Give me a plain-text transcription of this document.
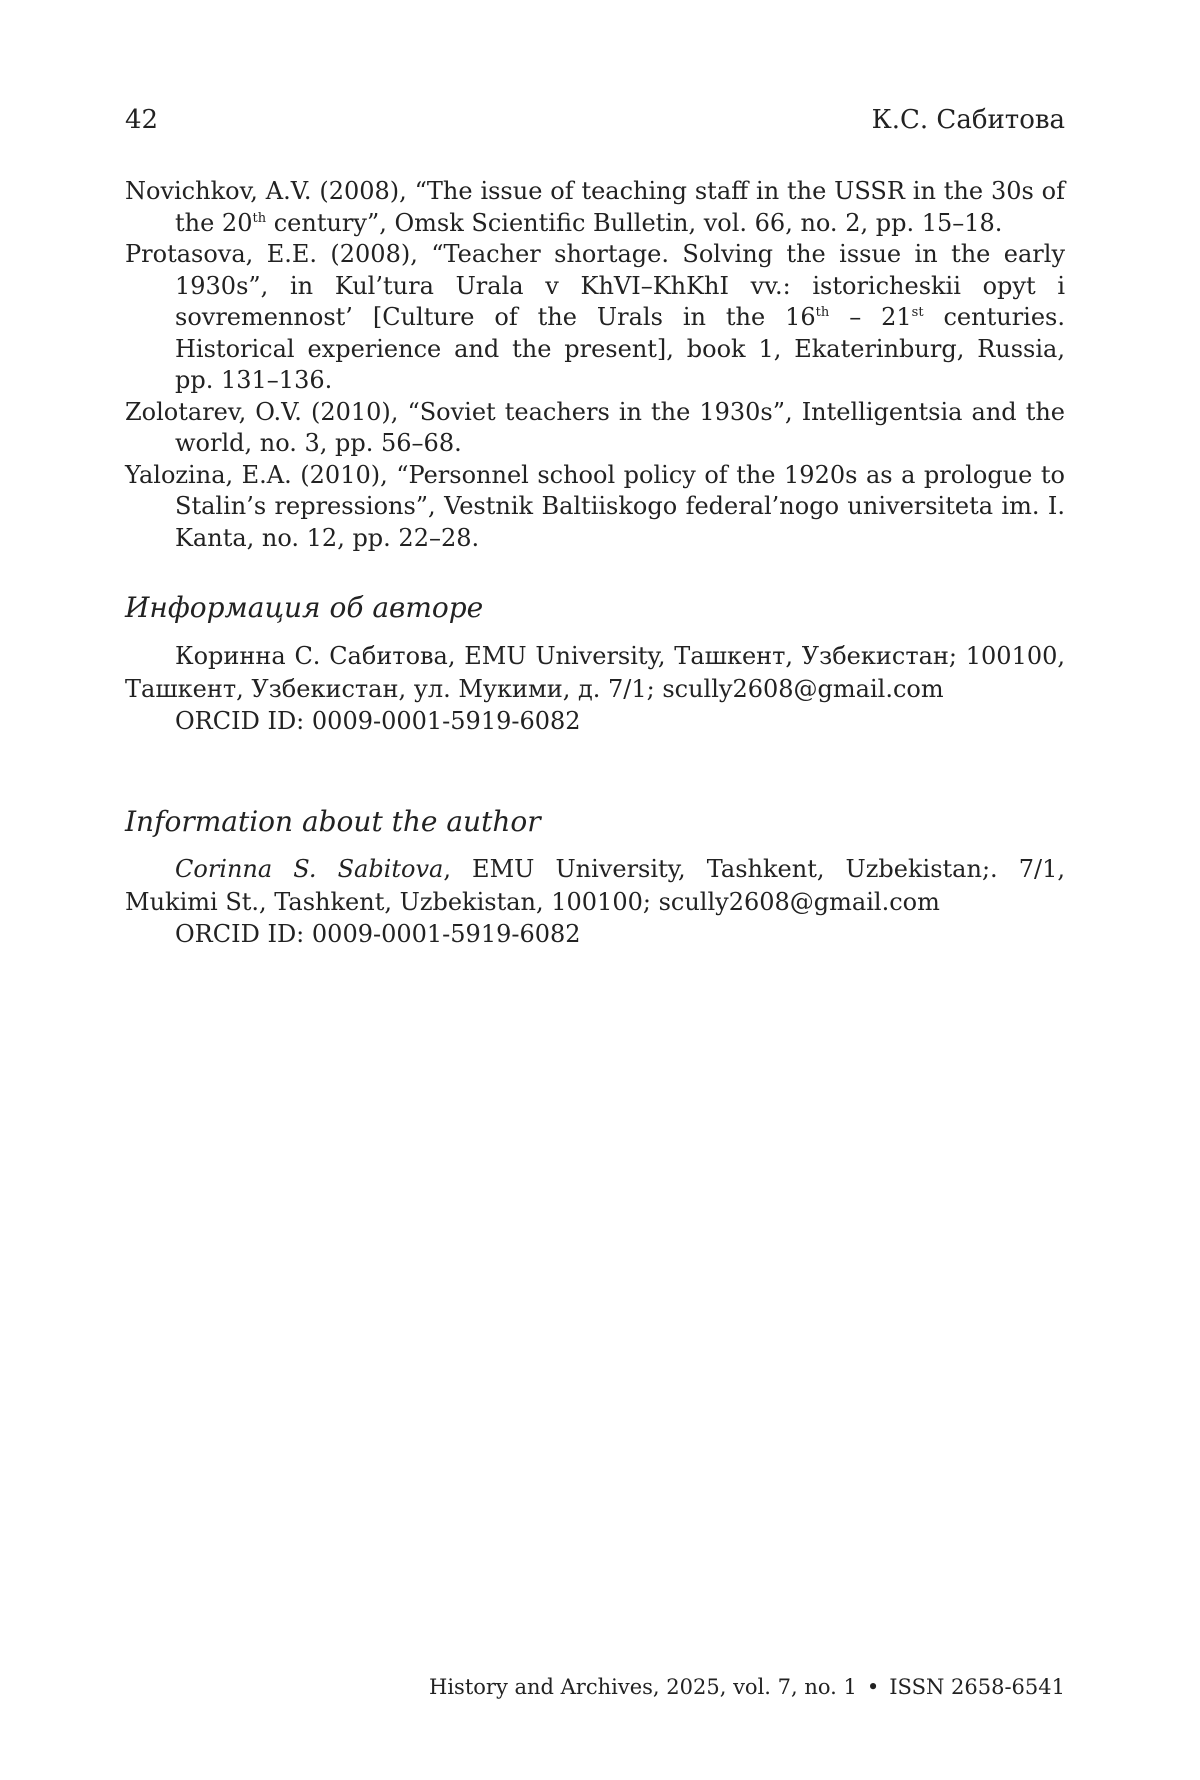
42	К.С. Сабитова

Novichkov, A.V. (2008), “The issue of teaching staff in the USSR in the 30s of the 20th century”, Omsk Scientific Bulletin, vol. 66, no. 2, pp. 15–18.

Protasova, E.E. (2008), “Teacher shortage. Solving the issue in the early 1930s”, in Kul’tura Urala v KhVI–KhKhI vv.: istoricheskii opyt i sovremennost’ [Culture of the Urals in the 16th – 21st centuries. Historical experience and the present], book 1, Ekaterinburg, Russia, pp. 131–136.

Zolotarev, O.V. (2010), “Soviet teachers in the 1930s”, Intelligentsia and the world, no. 3, pp. 56–68.

Yalozina, E.A. (2010), “Personnel school policy of the 1920s as a prologue to Stalin’s repressions”, Vestnik Baltiiskogo federal’nogo universiteta im. I. Kanta, no. 12, pp. 22–28.

Информация об авторе

Коринна С. Сабитова, EMU University, Ташкент, Узбекистан; 100100, Ташкент, Узбекистан, ул. Мукими, д. 7/1; scully2608@gmail.com

ORCID ID: 0009-0001-5919-6082

Information about the author

Corinna S. Sabitova, EMU University, Tashkent, Uzbekistan;. 7/1, Mukimi St., Tashkent, Uzbekistan, 100100; scully2608@gmail.com

ORCID ID: 0009-0001-5919-6082

History and Archives, 2025, vol. 7, no. 1 • ISSN 2658-6541
